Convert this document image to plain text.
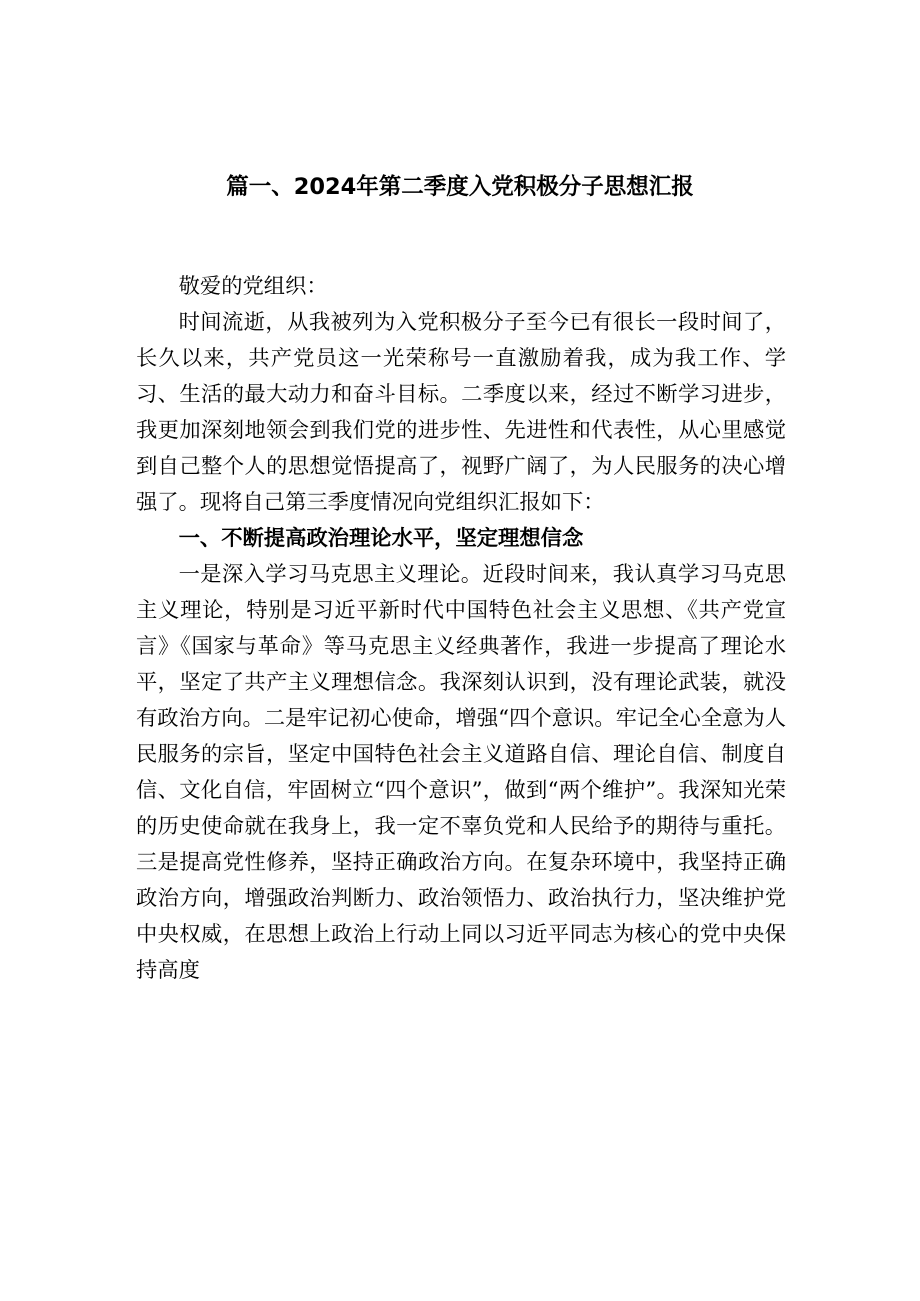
篇一、2024年第二季度入党积极分子思想汇报

敬爱的党组织：

时间流逝，从我被列为入党积极分子至今已有很长一段时间了，长久以来，共产党员这一光荣称号一直激励着我，成为我工作、学习、生活的最大动力和奋斗目标。二季度以来，经过不断学习进步，我更加深刻地领会到我们党的进步性、先进性和代表性，从心里感觉到自己整个人的思想觉悟提高了，视野广阔了，为人民服务的决心增强了。现将自己第三季度情况向党组织汇报如下：

一、不断提高政治理论水平，坚定理想信念

一是深入学习马克思主义理论。近段时间来，我认真学习马克思主义理论，特别是习近平新时代中国特色社会主义思想、《共产党宣言》《国家与革命》等马克思主义经典著作，我进一步提高了理论水平，坚定了共产主义理想信念。我深刻认识到，没有理论武装，就没有政治方向。二是牢记初心使命，增强“四个意识。牢记全心全意为人民服务的宗旨，坚定中国特色社会主义道路自信、理论自信、制度自信、文化自信，牢固树立“四个意识”，做到“两个维护”。我深知光荣的历史使命就在我身上，我一定不辜负党和人民给予的期待与重托。三是提高党性修养，坚持正确政治方向。在复杂环境中，我坚持正确政治方向，增强政治判断力、政治领悟力、政治执行力，坚决维护党中央权威，在思想上政治上行动上同以习近平同志为核心的党中央保持高度
